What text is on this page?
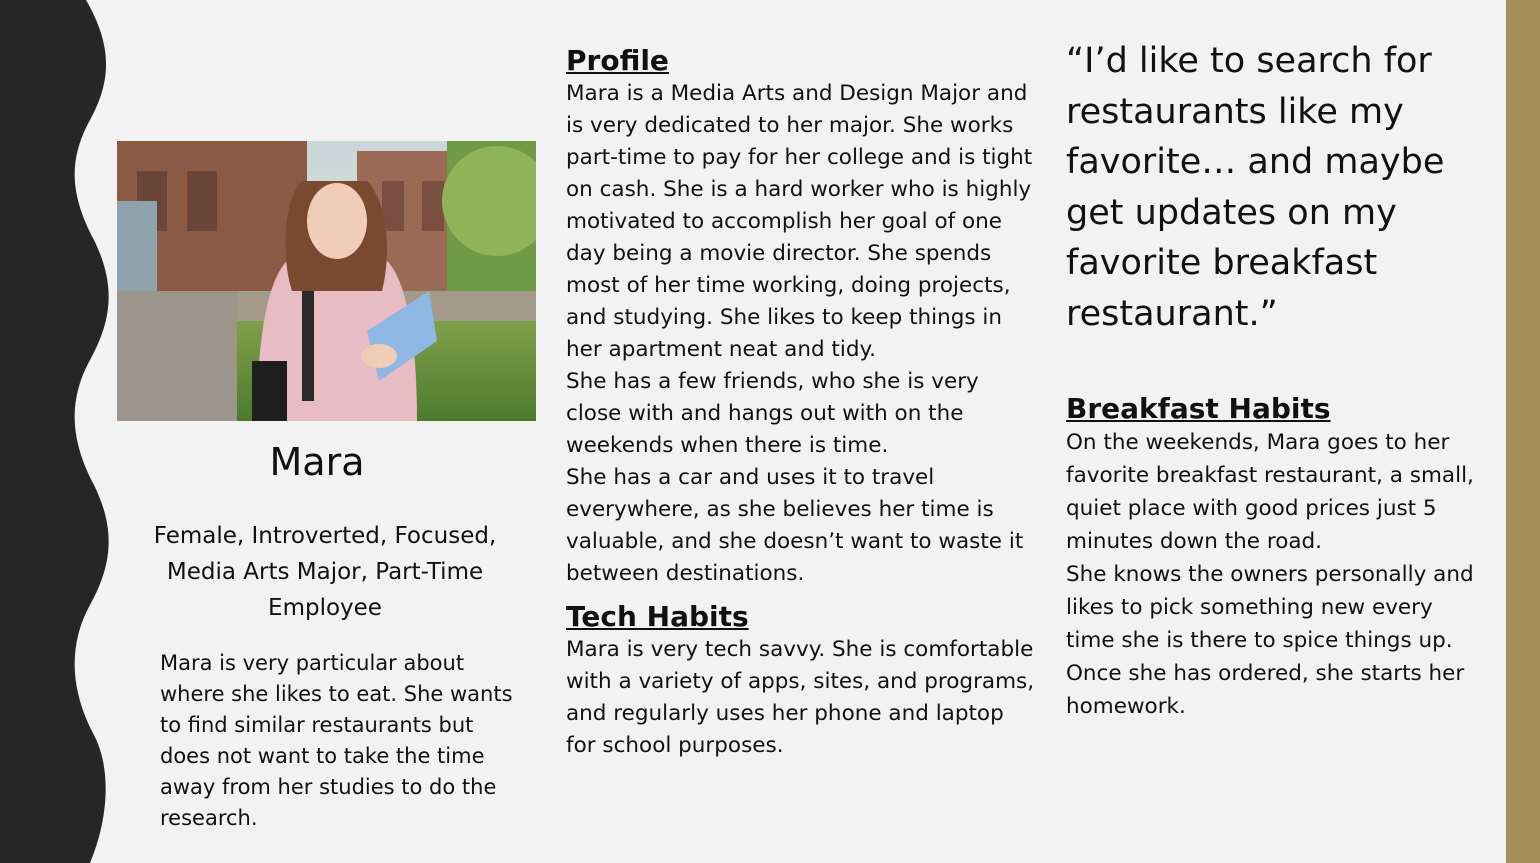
Mara
Female, Introverted, Focused, Media Arts Major, Part-Time Employee
Mara is very particular about where she likes to eat. She wants to find similar restaurants but does not want to take the time away from her studies to do the research.
Profile

Mara is a Media Arts and Design Major and is very dedicated to her major. She works part-time to pay for her college and is tight on cash. She is a hard worker who is highly motivated to accomplish her goal of one day being a movie director. She spends most of her time working, doing projects, and studying. She likes to keep things in her apartment neat and tidy.

She has a few friends, who she is very close with and hangs out with on the weekends when there is time.

She has a car and uses it to travel everywhere, as she believes her time is valuable, and she doesn’t want to waste it between destinations.

Tech Habits

Mara is very tech savvy. She is comfortable with a variety of apps, sites, and programs, and regularly uses her phone and laptop for school purposes.

“I’d like to search for restaurants like my favorite… and maybe get updates on my favorite breakfast restaurant.”
Breakfast Habits

On the weekends, Mara goes to her favorite breakfast restaurant, a small, quiet place with good prices just 5 minutes down the road.

She knows the owners personally and likes to pick something new every time she is there to spice things up.

Once she has ordered, she starts her homework.
